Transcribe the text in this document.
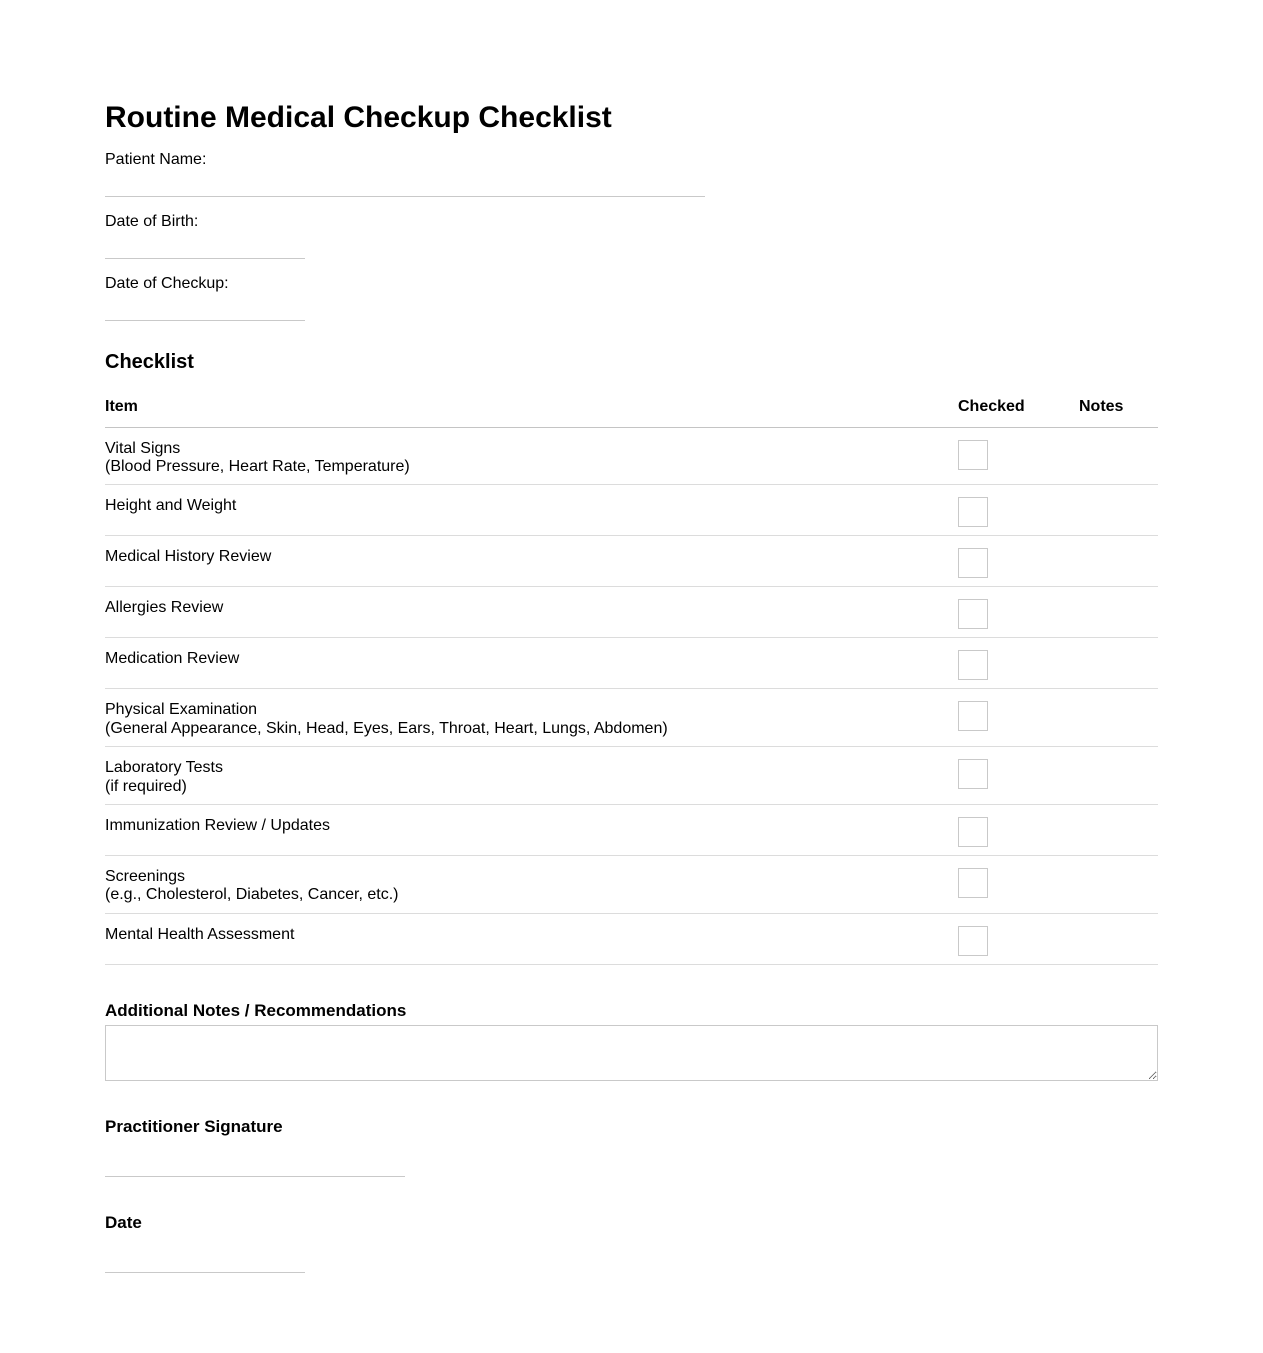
Routine Medical Checkup Checklist
Patient Name:
Date of Birth:
Date of Checkup:
Checklist
Item	Checked	Notes

Vital Signs
(Blood Pressure, Heart Rate, Temperature)

Height and Weight

Medical History Review

Allergies Review

Medication Review

Physical Examination
(General Appearance, Skin, Head, Eyes, Ears, Throat, Heart, Lungs, Abdomen)

Laboratory Tests
(if required)

Immunization Review / Updates

Screenings
(e.g., Cholesterol, Diabetes, Cancer, etc.)

Mental Health Assessment

Additional Notes / Recommendations
Practitioner Signature
Date
